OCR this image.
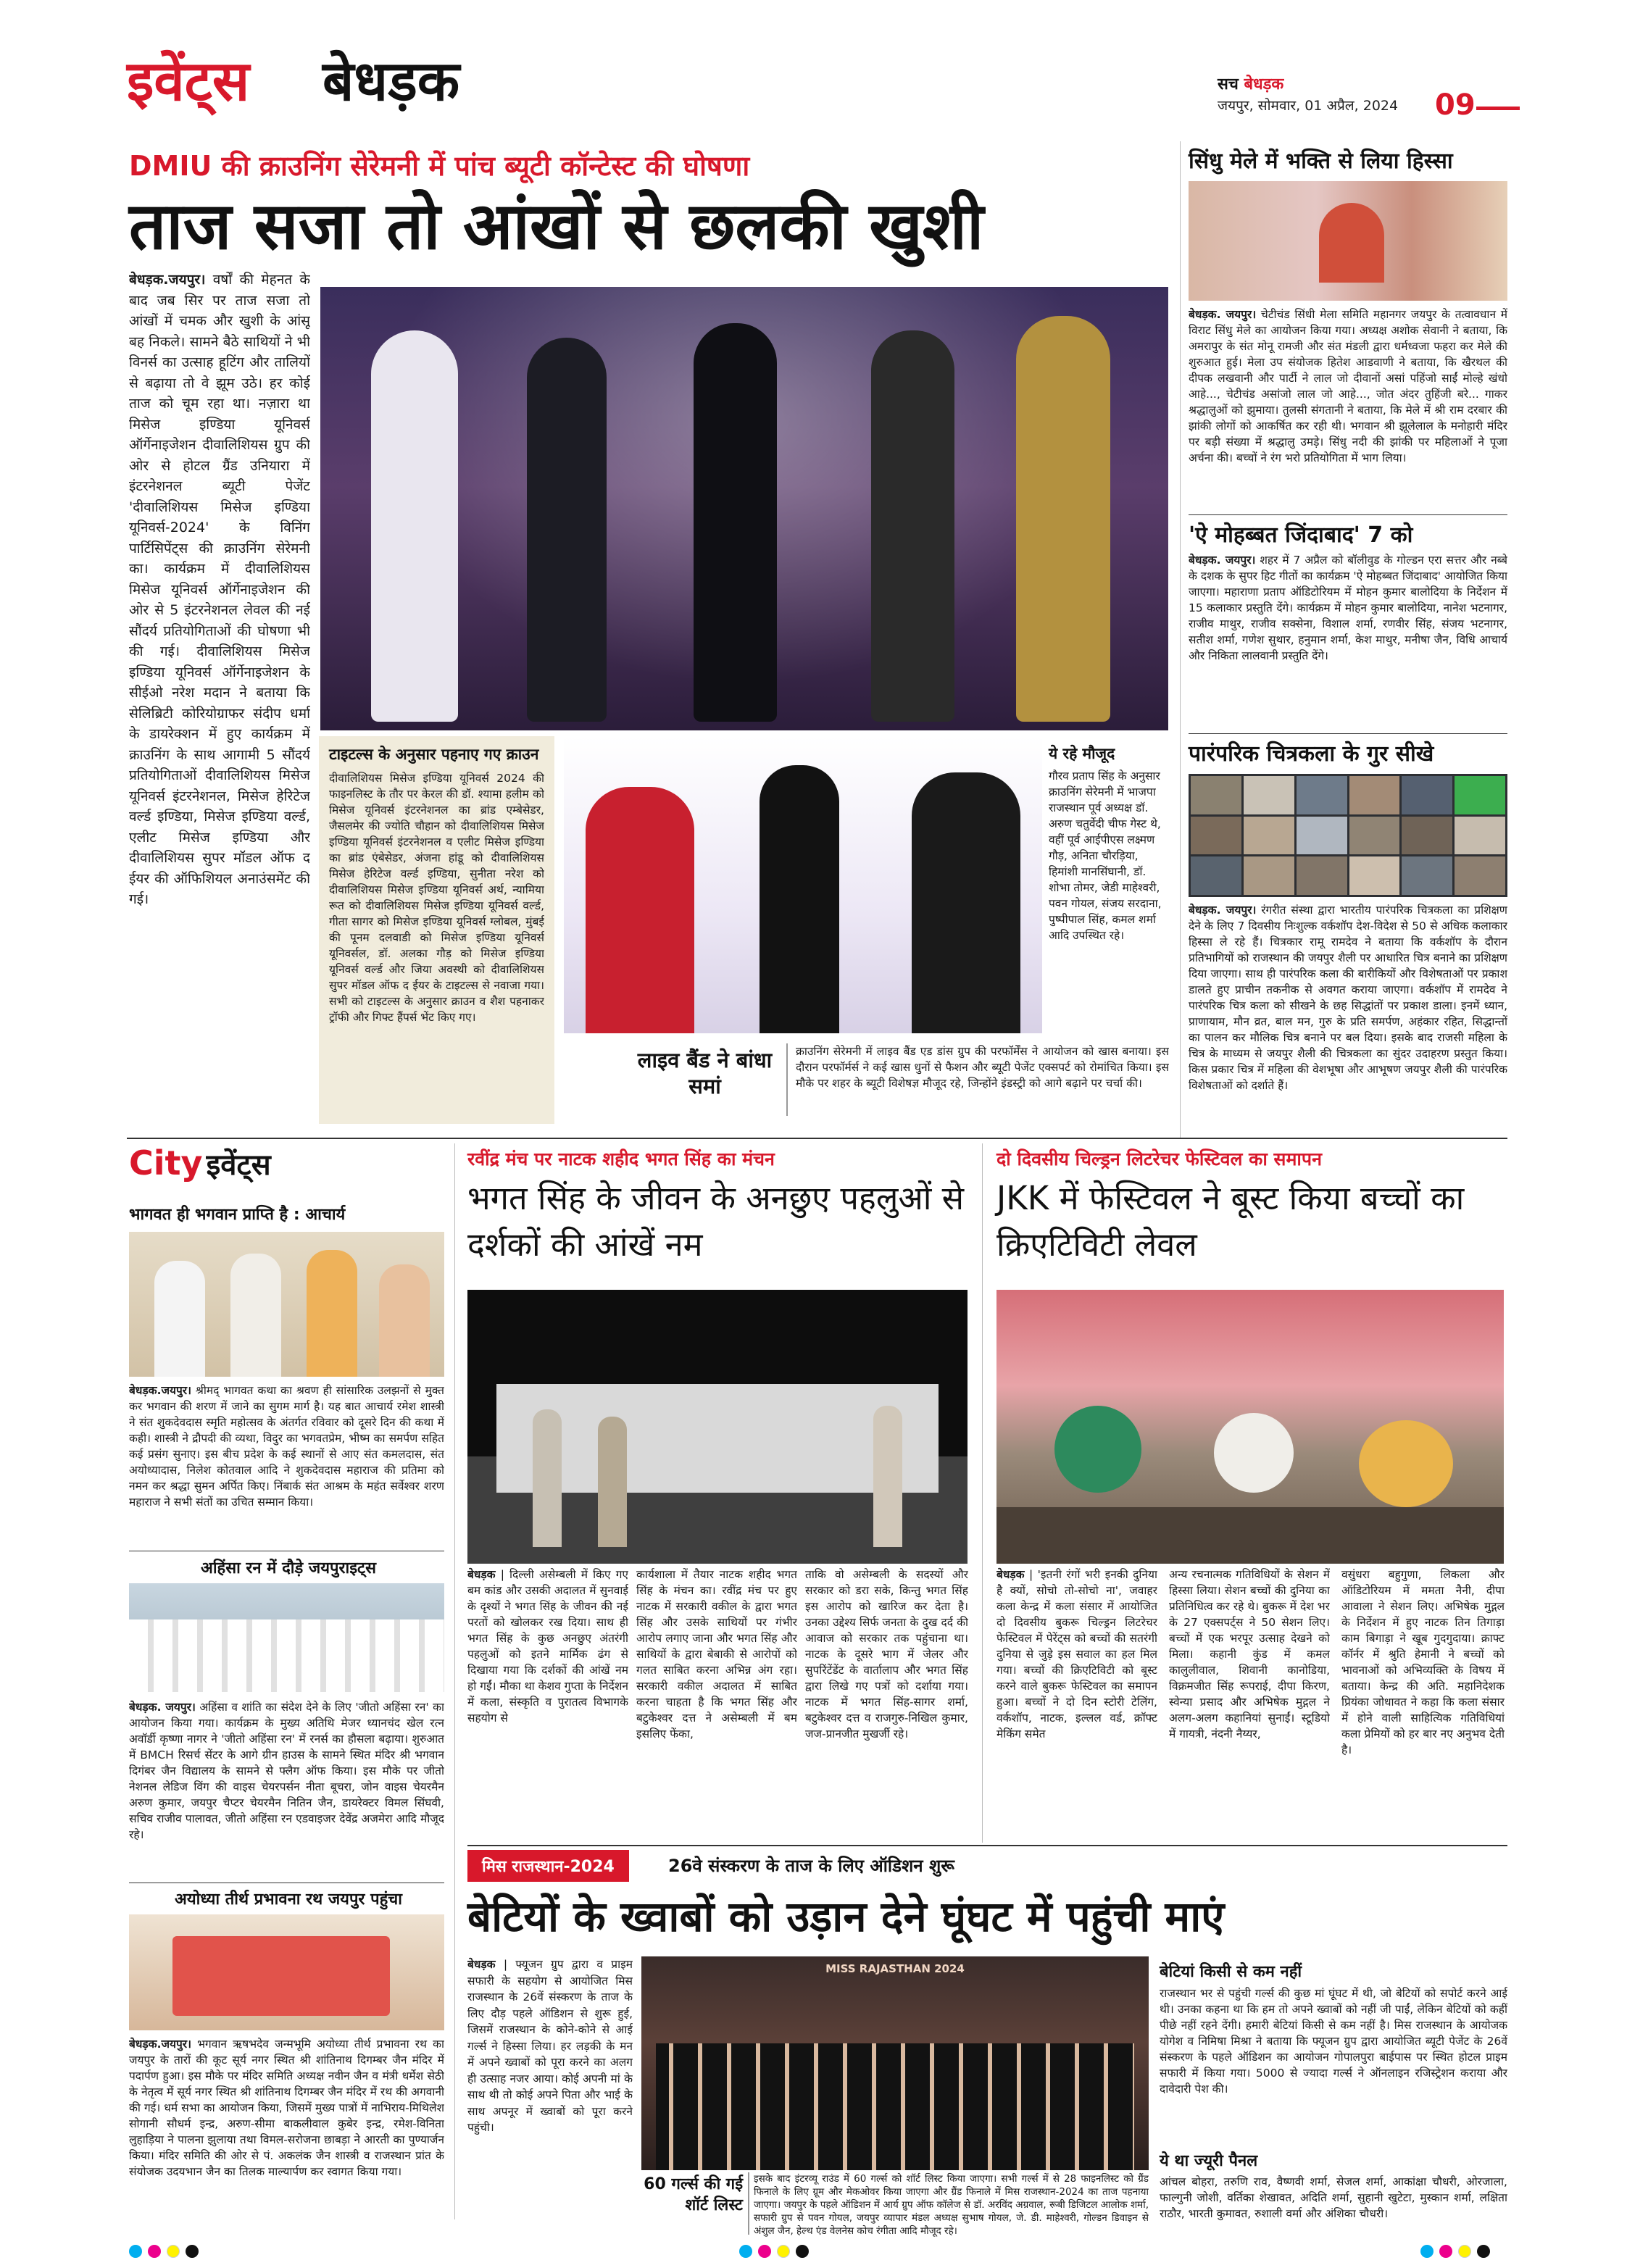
इवेंट्स बेधड़क	सच बेधड़क
जयपुर, सोमवार, 01 अप्रैल, 2024 09
DMIU की क्राउनिंग सेरेमनी में पांच ब्यूटी कॉन्टेस्ट की घोषणा
ताज सजा तो आंखों से छलकी खुशी
बेधड़क.जयपुर। वर्षों की मेहनत के बाद जब सिर पर ताज सजा तो आंखों में चमक और खुशी के आंसू बह निकले। सामने बैठे साथियों ने भी विनर्स का उत्साह हूटिंग और तालियों से बढ़ाया तो वे झूम उठे। हर कोई ताज को चूम रहा था। नज़ारा था मिसेज इण्डिया यूनिवर्स ऑर्गेनाइजेशन दीवालिशियस ग्रुप की ओर से होटल ग्रैंड उनियारा में इंटरनेशनल ब्यूटी पेजेंट 'दीवालिशियस मिसेज इण्डिया यूनिवर्स-2024' के विनिंग पार्टिसिपेंट्स की क्राउनिंग सेरेमनी का। कार्यक्रम में दीवालिशियस मिसेज यूनिवर्स ऑर्गेनाइजेशन की ओर से 5 इंटरनेशनल लेवल की नई सौंदर्य प्रतियोगिताओं की घोषणा भी की गई। दीवालिशियस मिसेज इण्डिया यूनिवर्स ऑर्गेनाइजेशन के सीईओ नरेश मदान ने बताया कि सेलिब्रिटी कोरियोग्राफर संदीप धर्मा के डायरेक्शन में हुए कार्यक्रम में क्राउनिंग के साथ आगामी 5 सौंदर्य प्रतियोगिताओं दीवालिशियस मिसेज यूनिवर्स इंटरनेशनल, मिसेज हेरिटेज वर्ल्ड इण्डिया, मिसेज इण्डिया वर्ल्ड, एलीट मिसेज इण्डिया और दीवालिशियस सुपर मॉडल ऑफ द ईयर की ऑफिशियल अनाउंसमेंट की गई।
टाइटल्स के अनुसार पहनाए गए क्राउन
दीवालिशियस मिसेज इण्डिया यूनिवर्स 2024 की फाइनलिस्ट के तौर पर केरल की डॉ. श्यामा हलीम को मिसेज यूनिवर्स इंटरनेशनल का ब्रांड एम्बेसेडर, जैसलमेर की ज्योति चौहान को दीवालिशियस मिसेज इण्डिया यूनिवर्स इंटरनेशनल व एलीट मिसेज इण्डिया का ब्रांड एंबेसेडर, अंजना हांडू को दीवालिशियस मिसेज हेरिटेज वर्ल्ड इण्डिया, सुनीता नरेश को दीवालिशियस मिसेज इण्डिया यूनिवर्स अर्थ, न्यामिया रूत को दीवालिशियस मिसेज इण्डिया यूनिवर्स वर्ल्ड, गीता सागर को मिसेज इण्डिया यूनिवर्स ग्लोबल, मुंबई की पूनम दलवाडी को मिसेज इण्डिया यूनिवर्स यूनिवर्सल, डॉ. अलका गौड़ को मिसेज इण्डिया यूनिवर्स वर्ल्ड और जिया अवस्थी को दीवालिशियस सुपर मॉडल ऑफ द ईयर के टाइटल्स से नवाजा गया। सभी को टाइटल्स के अनुसार क्राउन व शैश पहनाकर ट्रॉफी और गिफ्ट हैंपर्स भेंट किए गए।
ये रहे मौजूद
गौरव प्रताप सिंह के अनुसार क्राउनिंग सेरेमनी में भाजपा राजस्थान पूर्व अध्यक्ष डॉ. अरुण चतुर्वेदी चीफ गेस्ट थे, वहीं पूर्व आईपीएस लक्ष्मण गौड़, अनिता चौरड़िया, हिमांशी मानसिंघानी, डॉ. शोभा तोमर, जेडी माहेश्वरी, पवन गोयल, संजय सरदाना, पुष्पीपाल सिंह, कमल शर्मा आदि उपस्थित रहे।
लाइव बैंड ने बांधा समां
क्राउनिंग सेरेमनी में लाइव बैंड एड डांस ग्रुप की परफॉर्मेंस ने आयोजन को खास बनाया। इस दौरान परफॉर्मर्स ने कई खास धुनों से फैशन और ब्यूटी पेजेंट एक्सपर्ट को रोमांचित किया। इस मौके पर शहर के ब्यूटी विशेषज्ञ मौजूद रहे, जिन्होंने इंडस्ट्री को आगे बढ़ाने पर चर्चा की।
सिंधु मेले में भक्ति से लिया हिस्सा
बेधड़क. जयपुर। चेटीचंड सिंधी मेला समिति महानगर जयपुर के तत्वावधान में विराट सिंधु मेले का आयोजन किया गया। अध्यक्ष अशोक सेवानी ने बताया, कि अमरापुर के संत मोनू रामजी और संत मंडली द्वारा धर्मध्वजा फहरा कर मेले की शुरुआत हुई। मेला उप संयोजक हितेश आडवाणी ने बताया, कि खैरथल की दीपक लखवानी और पार्टी ने लाल जो दीवानों असां पहिंजो साईं मोल्हे खंधो आहे..., चेटीचंड असांजो लाल जो आहे..., जोत अंदर तुहिंजी बरे... गाकर श्रद्धालुओं को झुमाया। तुलसी संगतानी ने बताया, कि मेले में श्री राम दरबार की झांकी लोगों को आकर्षित कर रही थी। भगवान श्री झूलेलाल के मनोहारी मंदिर पर बड़ी संख्या में श्रद्धालु उमड़े। सिंधु नदी की झांकी पर महिलाओं ने पूजा अर्चना की। बच्चों ने रंग भरो प्रतियोगिता में भाग लिया।
'ऐ मोहब्बत जिंदाबाद' 7 को
बेधड़क. जयपुर। शहर में 7 अप्रैल को बॉलीवुड के गोल्डन एरा सत्तर और नब्बे के दशक के सुपर हिट गीतों का कार्यक्रम 'ऐ मोहब्बत जिंदाबाद' आयोजित किया जाएगा। महाराणा प्रताप ऑडिटोरियम में मोहन कुमार बालोदिया के निर्देशन में 15 कलाकार प्रस्तुति देंगे। कार्यक्रम में मोहन कुमार बालोदिया, नानेश भटनागर, राजीव माथुर, राजीव सक्सेना, विशाल शर्मा, रणवीर सिंह, संजय भटनागर, सतीश शर्मा, गणेश सुथार, हनुमान शर्मा, केश माथुर, मनीषा जैन, विधि आचार्य और निकिता लालवानी प्रस्तुति देंगे।
पारंपरिक चित्रकला के गुर सीखे
बेधड़क. जयपुर। रंगरीत संस्था द्वारा भारतीय पारंपरिक चित्रकला का प्रशिक्षण देने के लिए 7 दिवसीय निःशुल्क वर्कशॉप देश-विदेश से 50 से अधिक कलाकार हिस्सा ले रहे हैं। चित्रकार रामू रामदेव ने बताया कि वर्कशॉप के दौरान प्रतिभागियों को राजस्थान की जयपुर शैली पर आधारित चित्र बनाने का प्रशिक्षण दिया जाएगा। साथ ही पारंपरिक कला की बारीकियों और विशेषताओं पर प्रकाश डालते हुए प्राचीन तकनीक से अवगत कराया जाएगा। वर्कशॉप में रामदेव ने पारंपरिक चित्र कला को सीखने के छह सिद्धांतों पर प्रकाश डाला। इनमें ध्यान, प्राणायाम, मौन व्रत, बाल मन, गुरु के प्रति समर्पण, अहंकार रहित, सिद्धान्तों का पालन कर मौलिक चित्र बनाने पर बल दिया। इसके बाद राजसी महिला के चित्र के माध्यम से जयपुर शैली की चित्रकला का सुंदर उदाहरण प्रस्तुत किया। किस प्रकार चित्र में महिला की वेशभूषा और आभूषण जयपुर शैली की पारंपरिक विशेषताओं को दर्शाते हैं।
City इवेंट्स
भागवत ही भगवान प्राप्ति है : आचार्य
बेधड़क.जयपुर। श्रीमद् भागवत कथा का श्रवण ही सांसारिक उलझनों से मुक्त कर भगवान की शरण में जाने का सुगम मार्ग है। यह बात आचार्य रमेश शास्त्री ने संत शुकदेवदास स्मृति महोत्सव के अंतर्गत रविवार को दूसरे दिन की कथा में कही। शास्त्री ने द्रौपदी की व्यथा, विदुर का भगवतप्रेम, भीष्म का समर्पण सहित कई प्रसंग सुनाए। इस बीच प्रदेश के कई स्थानों से आए संत कमलदास, संत अयोध्यादास, निलेश कोतवाल आदि ने शुकदेवदास महाराज की प्रतिमा को नमन कर श्रद्धा सुमन अर्पित किए। निंबार्क संत आश्रम के महंत सर्वेश्वर शरण महाराज ने सभी संतों का उचित सम्मान किया।
अहिंसा रन में दौड़े जयपुराइट्स
बेधड़क. जयपुर। अहिंसा व शांति का संदेश देने के लिए 'जीतो अहिंसा रन' का आयोजन किया गया। कार्यक्रम के मुख्य अतिथि मेजर ध्यानचंद खेल रत्न अवॉर्डी कृष्णा नागर ने 'जीतो अहिंसा रन' में रनर्स का हौसला बढ़ाया। शुरुआत में BMCH रिसर्च सेंटर के आगे ग्रीन हाउस के सामने स्थित मंदिर श्री भगवान दिगंबर जैन विद्यालय के सामने से फ्लैग ऑफ किया। इस मौके पर जीतो नेशनल लेडिज विंग की वाइस चेयरपर्सन नीता बूचरा, जोन वाइस चेयरमैन अरुण कुमार, जयपुर चैप्टर चेयरमैन नितिन जैन, डायरेक्टर विमल सिंघवी, सचिव राजीव पालावत, जीतो अहिंसा रन एडवाइजर देवेंद्र अजमेरा आदि मौजूद रहे।
अयोध्या तीर्थ प्रभावना रथ जयपुर पहुंचा
बेधड़क.जयपुर। भगवान ऋषभदेव जन्मभूमि अयोध्या तीर्थ प्रभावना रथ का जयपुर के तारों की कूट सूर्य नगर स्थित श्री शांतिनाथ दिगम्बर जैन मंदिर में पदार्पण हुआ। इस मौके पर मंदिर समिति अध्यक्ष नवीन जैन व मंत्री धर्मेश सेठी के नेतृत्व में सूर्य नगर स्थित श्री शांतिनाथ दिगम्बर जैन मंदिर में रथ की अगवानी की गई। धर्म सभा का आयोजन किया, जिसमें मुख्य पात्रों में नाभिराय-मिथिलेश सोगानी सौधर्म इन्द्र, अरुण-सीमा बाकलीवाल कुबेर इन्द्र, रमेश-विनिता लुहाड़िया ने पालना झुलाया तथा विमल-सरोजना छाबड़ा ने आरती का पुण्यार्जन किया। मंदिर समिति की ओर से पं. अकलंक जैन शास्त्री व राजस्थान प्रांत के संयोजक उदयभान जैन का तिलक माल्यार्पण कर स्वागत किया गया।
रवींद्र मंच पर नाटक शहीद भगत सिंह का मंचन
भगत सिंह के जीवन के अनछुए पहलुओं से दर्शकों की आंखें नम
बेधड़क | दिल्ली असेम्बली में किए गए बम कांड और उसकी अदालत में सुनवाई के दृश्यों ने भगत सिंह के जीवन की नई परतों को खोलकर रख दिया। साथ ही भगत सिंह के कुछ अनछुए अंतरंगी पहलुओं को इतने मार्मिक ढंग से दिखाया गया कि दर्शकों की आंखें नम हो गईं। मौका था केशव गुप्ता के निर्देशन में कला, संस्कृति व पुरातत्व विभागके सहयोग से
कार्यशाला में तैयार नाटक शहीद भगत सिंह के मंचन का। रवींद्र मंच पर हुए नाटक में सरकारी वकील के द्वारा भगत सिंह और उसके साथियों पर गंभीर आरोप लगाए जाना और भगत सिंह और साथियों के द्वारा बेबाकी से आरोपों को गलत साबित करना अभिन्न अंग रहा। सरकारी वकील अदालत में साबित करना चाहता है कि भगत सिंह और बटुकेश्वर दत्त ने असेम्बली में बम इसलिए फेंका,
ताकि वो असेम्बली के सदस्यों और सरकार को डरा सके, किन्तु भगत सिंह इस आरोप को खारिज कर देता है। उनका उद्देश्य सिर्फ जनता के दुख दर्द की आवाज को सरकार तक पहुंचाना था। नाटक के दूसरे भाग में जेलर और सुपरिंटेंडेंट के वार्तालाप और भगत सिंह द्वारा लिखे गए पत्रों को दर्शाया गया। नाटक में भगत सिंह-सागर शर्मा, बटुकेश्वर दत्त व राजगुरु-निखिल कुमार, जज-प्रानजीत मुखर्जी रहे।
दो दिवसीय चिल्ड्रन लिटरेचर फेस्टिवल का समापन
JKK में फेस्टिवल ने बूस्ट किया बच्चों का क्रिएटिविटी लेवल
बेधड़क | 'इतनी रंगों भरी इनकी दुनिया है क्यों, सोचो तो-सोचो ना', जवाहर कला केन्द्र में कला संसार में आयोजित दो दिवसीय बुकरू चिल्ड्रन लिटरेचर फेस्टिवल में पेरेंट्स को बच्चों की सतरंगी दुनिया से जुड़े इस सवाल का हल मिल गया। बच्चों की क्रिएटिविटी को बूस्ट करने वाले बुकरू फेस्टिवल का समापन हुआ। बच्चों ने दो दिन स्टोरी टेलिंग, वर्कशॉप, नाटक, इल्लल वर्ड, क्रॉफ्ट मेकिंग समेत
अन्य रचनात्मक गतिविधियों के सेशन में हिस्सा लिया। सेशन बच्चों की दुनिया का प्रतिनिधित्व कर रहे थे। बुकरू में देश भर के 27 एक्सपर्ट्स ने 50 सेशन लिए। बच्चों में एक भरपूर उत्साह देखने को मिला। कहानी कुंड में कमल कालुलीवाल, शिवानी कानोडिया, विक्रमजीत सिंह रूपराई, दीपा किरण, स्वेन्या प्रसाद और अभिषेक मुद्गल ने अलग-अलग कहानियां सुनाईं। स्टूडियो में गायत्री, नंदनी नैय्यर,
वसुंधरा बहुगुणा, लिकला और ऑडिटोरियम में ममता नैनी, दीपा आवाला ने सेशन लिए। अभिषेक मुद्गल के निर्देशन में हुए नाटक तिन तिगाड़ा काम बिगाड़ा ने खूब गुदगुदाया। क्राफ्ट कॉर्नर में श्रुति हेमानी ने बच्चों को भावनाओं को अभिव्यक्ति के विषय में बताया। केन्द्र की अति. महानिदेशक प्रियंका जोधावत ने कहा कि कला संसार में होने वाली साहित्यिक गतिविधियां कला प्रेमियों को हर बार नए अनुभव देती है।
मिस राजस्थान-2024	26वे संस्करण के ताज के लिए ऑडिशन शुरू
बेटियों के ख्वाबों को उड़ान देने घूंघट में पहुंची माएं
बेधड़क | फ्यूजन ग्रुप द्वारा व प्राइम सफारी के सहयोग से आयोजित मिस राजस्थान के 26वें संस्करण के ताज के लिए दौड़ पहले ऑडिशन से शुरू हुई, जिसमें राजस्थान के कोने-कोने से आई गर्ल्स ने हिस्सा लिया। हर लड़की के मन में अपने ख्वाबों को पूरा करने का अलग ही उत्साह नजर आया। कोई अपनी मां के साथ थी तो कोई अपने पिता और भाई के साथ अपनूर में ख्वाबों को पूरा करने पहुंची।
MISS RAJASTHAN 2024
60 गर्ल्स की गई शॉर्ट लिस्ट
इसके बाद इंटरव्यू राउंड में 60 गर्ल्स को शॉर्ट लिस्ट किया जाएगा। सभी गर्ल्स में से 28 फाइनलिस्ट को ग्रैंड फिनाले के लिए ग्रूम और मेकओवर किया जाएगा और ग्रैंड फिनाले में मिस राजस्थान-2024 का ताज पहनाया जाएगा। जयपुर के पहले ऑडिशन में आर्य ग्रुप ऑफ कॉलेज से डॉ. अरविंद अग्रवाल, रूबी डिजिटल आलोक शर्मा, सफारी ग्रुप से पवन गोयल, जयपुर व्यापार मंडल अध्यक्ष सुभाष गोयल, जे. डी. माहेश्वरी, गोल्डन डिवाइन से अंशुल जैन, हेल्थ एंड वेलनेस कोच रंगीता आदि मौजूद रहे।
बेटियां किसी से कम नहीं
राजस्थान भर से पहुंची गर्ल्स की कुछ मां घूंघट में थी, जो बेटियों को सपोर्ट करने आई थी। उनका कहना था कि हम तो अपने ख्वाबों को नहीं जी पाईं, लेकिन बेटियों को कहीं पीछे नहीं रहने देंगी। हमारी बेटियां किसी से कम नहीं है। मिस राजस्थान के आयोजक योगेश व निमिषा मिश्रा ने बताया कि फ्यूजन ग्रुप द्वारा आयोजित ब्यूटी पेजेंट के 26वें संस्करण के पहले ऑडिशन का आयोजन गोपालपुरा बाईपास पर स्थित होटल प्राइम सफारी में किया गया। 5000 से ज्यादा गर्ल्स ने ऑनलाइन रजिस्ट्रेशन कराया और दावेदारी पेश की।
ये था ज्यूरी पैनल
आंचल बोहरा, तरुणि राव, वैष्णवी शर्मा, सेजल शर्मा, आकांक्षा चौधरी, ओरजाला, फाल्गुनी जोशी, वर्तिका शेखावत, अदिति शर्मा, सुहानी खुटेटा, मुस्कान शर्मा, लक्षिता राठौर, भारती कुमावत, रुशाली वर्मा और अंशिका चौधरी।
